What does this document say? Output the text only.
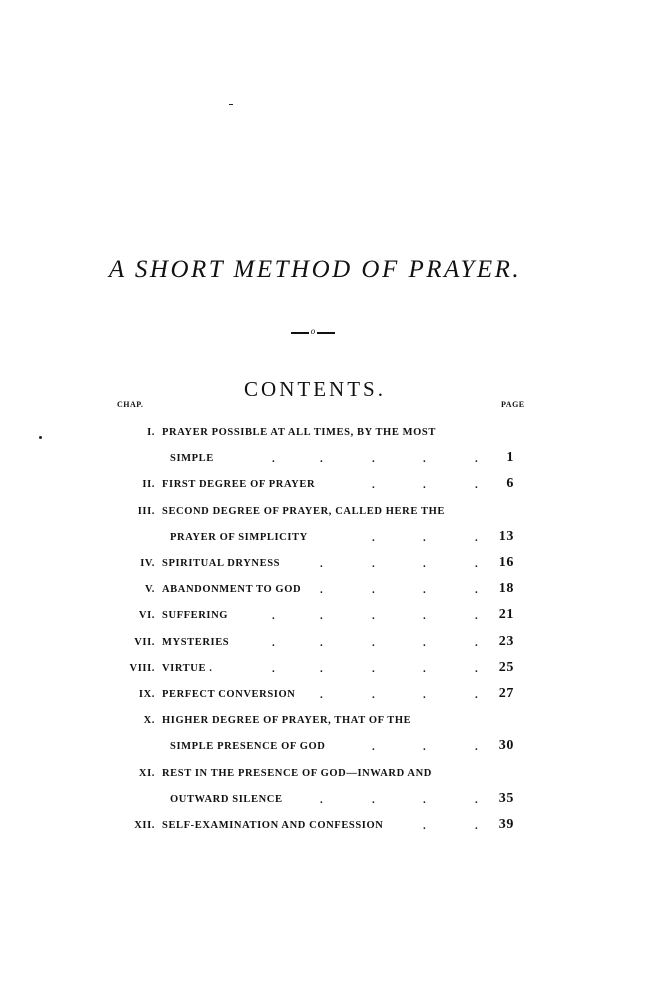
A SHORT METHOD OF PRAYER.
o
CONTENTS.
CHAP.	PAGE
I. PRAYER POSSIBLE AT ALL TIMES, BY THE MOST
SIMPLE	.	.	.	.	. 1
II. FIRST DEGREE OF PRAYER	.	.	. 6
III. SECOND DEGREE OF PRAYER, CALLED HERE THE
PRAYER OF SIMPLICITY	.	.	. 13
IV. SPIRITUAL DRYNESS	.	.	.	. 16
V. ABANDONMENT TO GOD .	.	.	. 18
VI. SUFFERING	.	.	.	.	. 21
VII. MYSTERIES	.	.	.	.	. 23
VIII. VIRTUE .	.	.	.	.	. 25
IX. PERFECT CONVERSION .	.	.	. 27
X. HIGHER DEGREE OF PRAYER, THAT OF THE
SIMPLE PRESENCE OF GOD	.	.	. 30
XI. REST IN THE PRESENCE OF GOD—INWARD AND
OUTWARD SILENCE	.	.	.	. 35
XII. SELF-EXAMINATION AND CONFESSION	.	. 39
